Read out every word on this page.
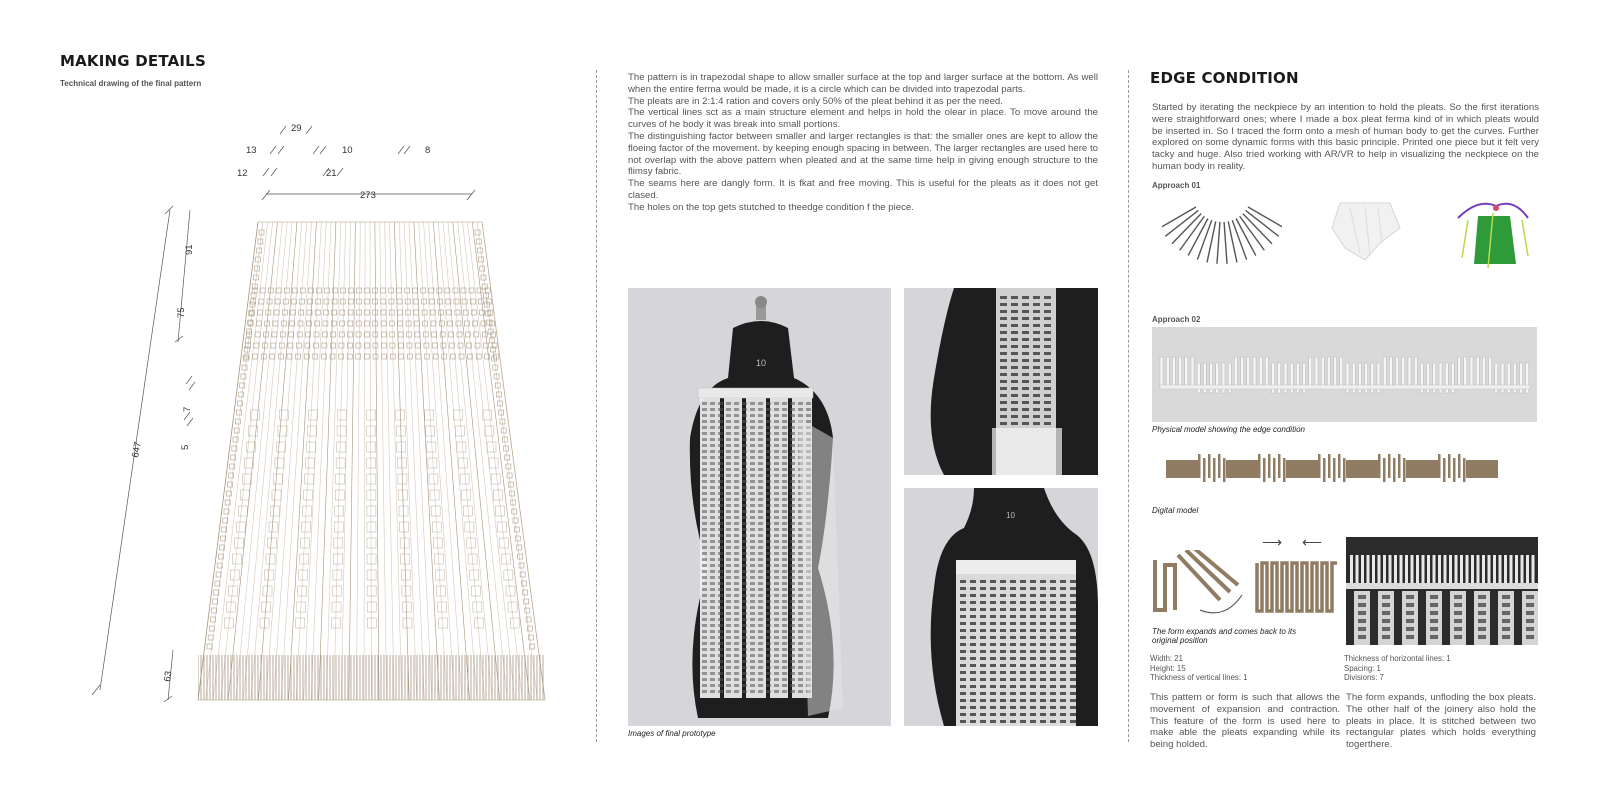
MAKING DETAILS
Technical drawing of the final pattern
29
13	10	8
12	21
273
91
75
7
5
647
63

The pattern is in trapezodal shape to allow smaller surface at the top and larger surface at the bottom. As well when the entire ferma would be made, it is a circle which can be divided into trapezodal parts.

The pleats are in 2:1:4 ration and covers only 50% of the pleat behind it as per the need.

The vertical lines sct as a main structure element and helps in hold the olear in place. To move around the curves of he body it was break into small portions.

The distinguishing factor between smaller and larger rectangles is that: the smaller ones are kept to allow the floeing factor of the movement. by keeping enough spacing in between. The larger rectangles are used here to not overlap with the above pattern when pleated and at the same time help in giving enough structure to the flimsy fabric.

The seams here are dangly form. It is fkat and free moving. This is useful for the pleats as it does not get clased.

The holes on the top gets stutched to theedge condition f the piece.

10
10
Images of final prototype
EDGE CONDITION

Started by iterating the neckpiece by an intention to hold the pleats. So the first iterations were straightforward ones; where I made a box pleat ferma kind of in which pleats would be inserted in. So I traced the form onto a mesh of human body to get the curves. Further explored on some dynamic forms with this basic principle. Printed one piece but it felt very tacky and huge. Also tried working with AR/VR to help in visualizing the neckpiece on the human body in reality.

Approach 01
Approach 02
Physical model showing the edge condition
Digital model
⟶ ⟵
The form expands and comes back to its original position
Width: 21
Height: 15
Thickness of vertical lines: 1
Thickness of horizontal lines: 1
Spacing: 1
Divisions: 7

This pattern or form is such that allows the movement of expansion and contraction. This feature of the form is used here to make able the pleats expanding while its being holded.

The form expands, unfloding the box pleats. The other half of the joinery also hold the pleats in place. It is stitched between two rectangular plates which holds everything togerthere.
